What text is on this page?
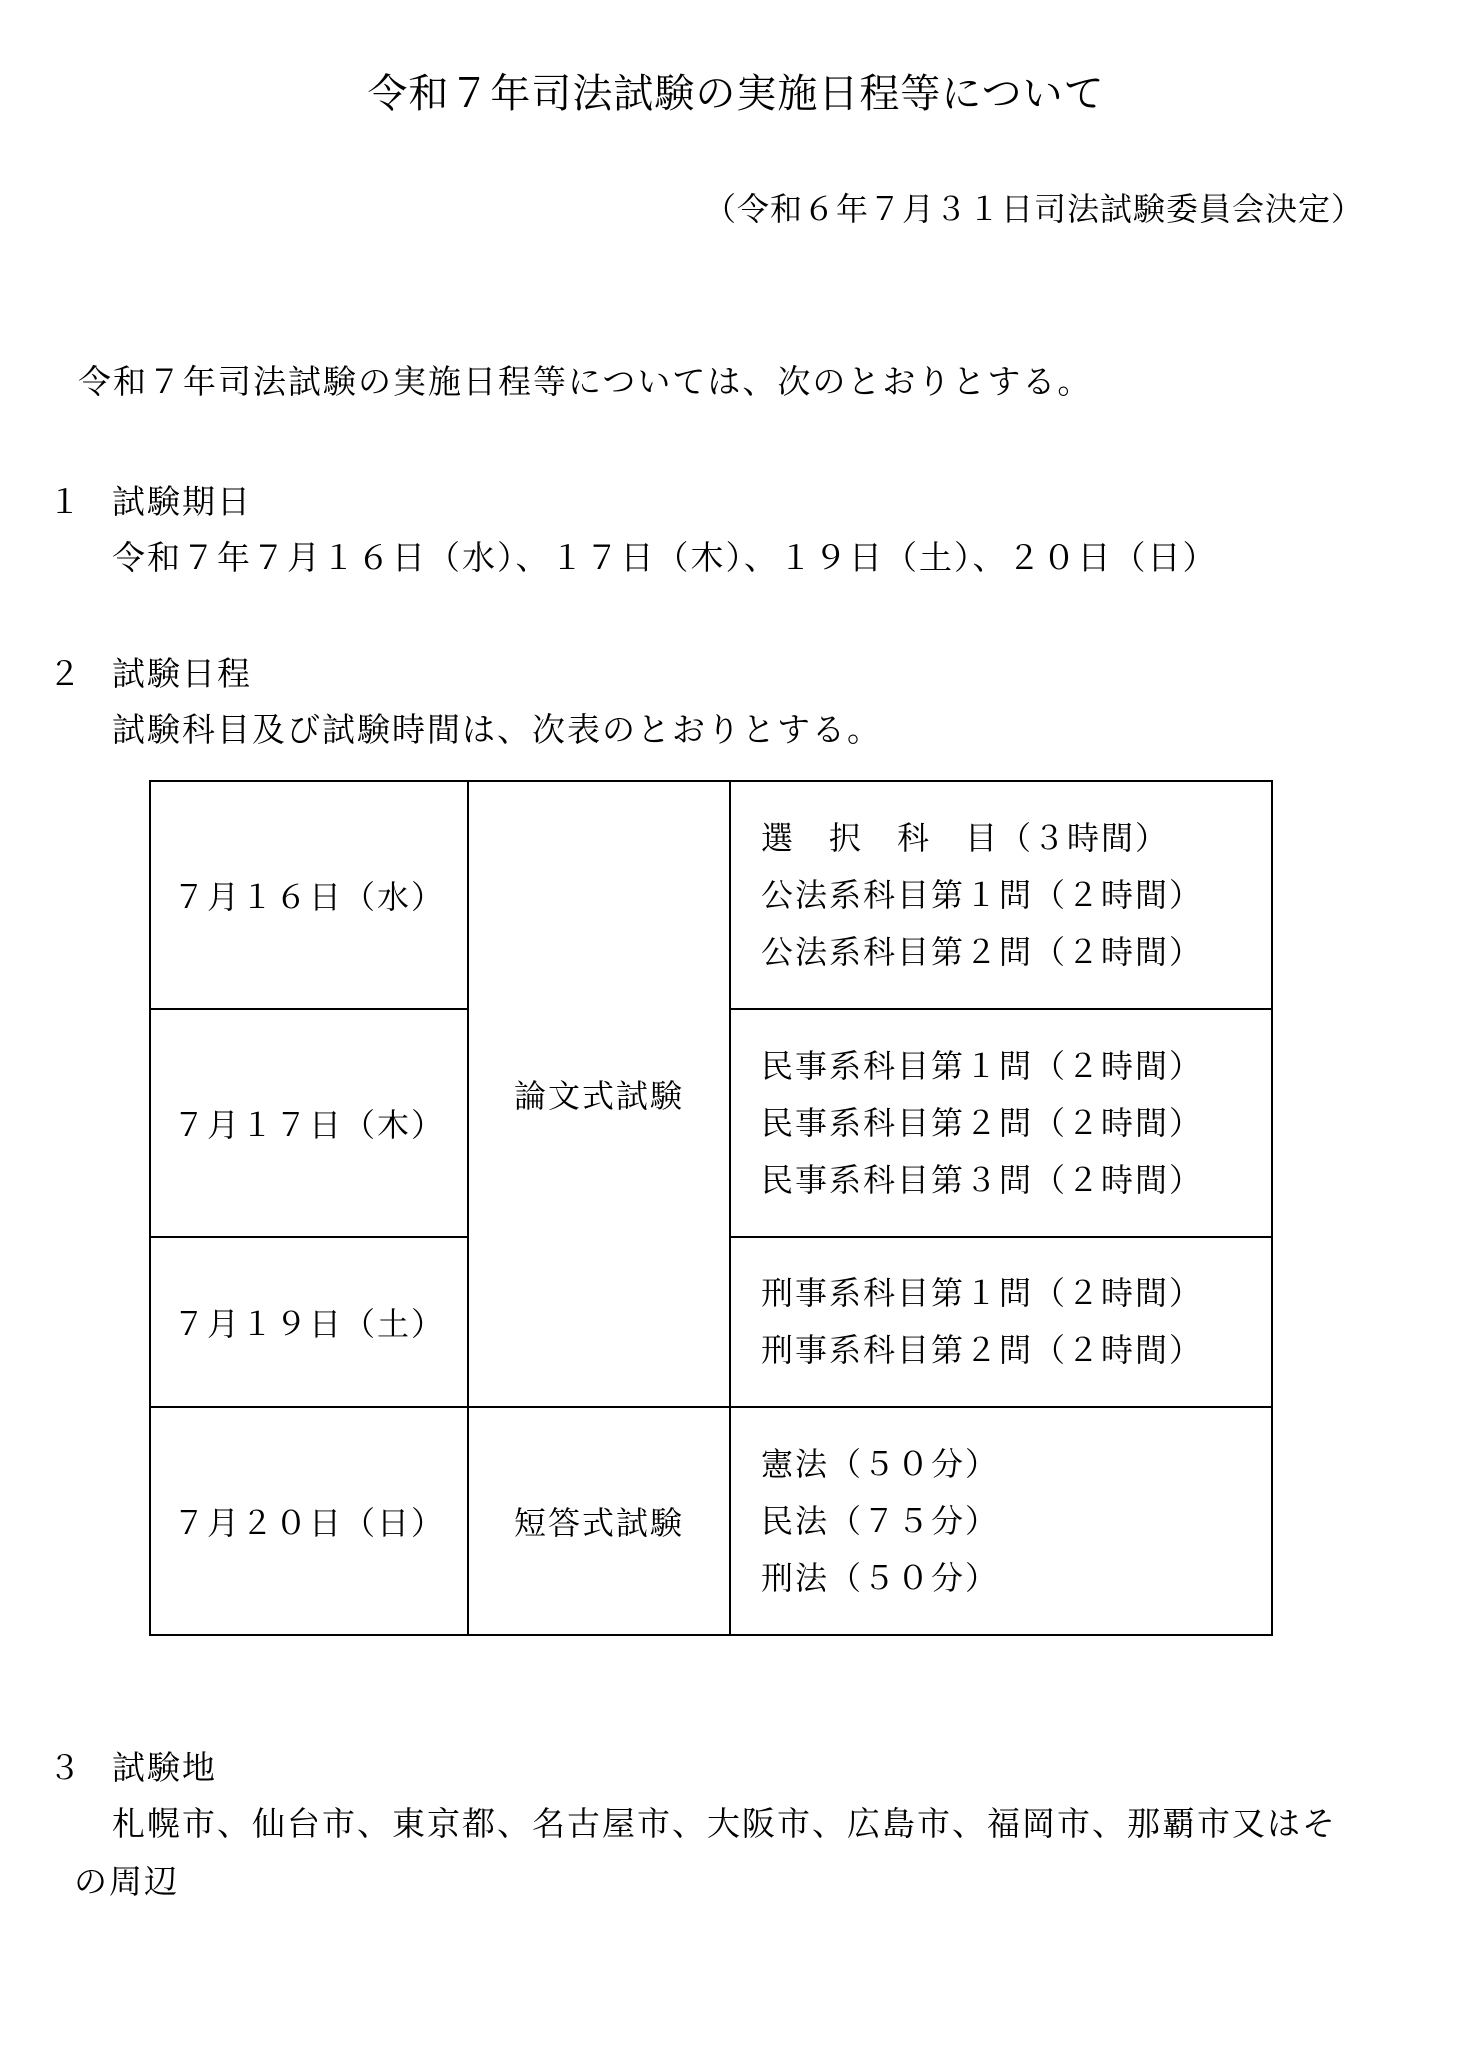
令和７年司法試験の実施日程等について
（令和６年７月３１日司法試験委員会決定）
令和７年司法試験の実施日程等については、次のとおりとする。
１ 試験期日
令和７年７月１６日（水）、１７日（木）、１９日（土）、２０日（日）
２ 試験日程
試験科目及び試験時間は、次表のとおりとする。
７月１６日（水）	論文式試験	選　択　科　目（３時間）
公法系科目第１問（２時間）
公法系科目第２問（２時間）

７月１７日（木）		民事系科目第１問（２時間）
民事系科目第２問（２時間）
民事系科目第３問（２時間）

７月１９日（土）		刑事系科目第１問（２時間）
刑事系科目第２問（２時間）

７月２０日（日）	短答式試験	憲法（５０分）
民法（７５分）
刑法（５０分）
３ 試験地
札幌市、仙台市、東京都、名古屋市、大阪市、広島市、福岡市、那覇市又はそ
の周辺
